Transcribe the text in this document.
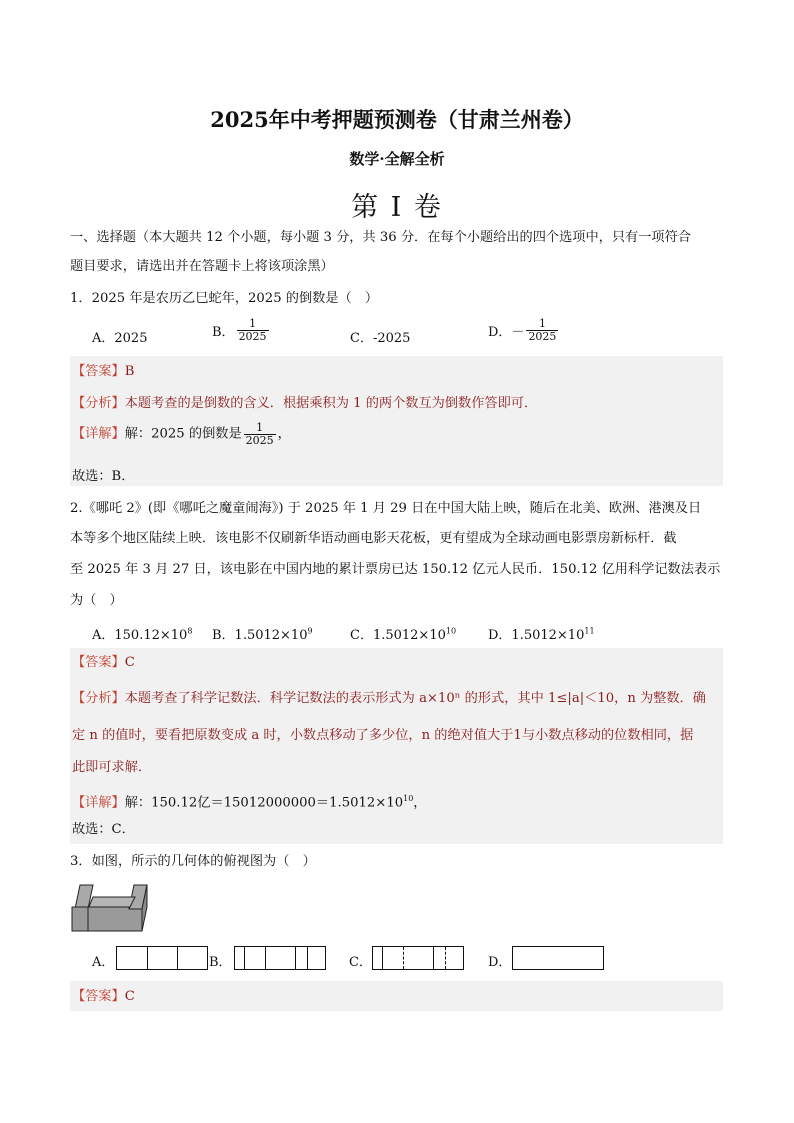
2025年中考押题预测卷（甘肃兰州卷）
数学·全解全析
第 I 卷
一、选择题（本大题共 12 个小题，每小题 3 分，共 36 分．在每个小题给出的四个选项中，只有一项符合
题目要求，请选出并在答题卡上将该项涂黑）
1．2025 年是农历乙巳蛇年，2025 的倒数是（　）
A．2025	B． $\frac{1}{2025}$	C．-2025	D．－ $\frac{1}{2025}$
【答案】B
【分析】本题考查的是倒数的含义．根据乘积为 1 的两个数互为倒数作答即可．
【详解】解：2025 的倒数是 $\frac{1}{2025}$ ，
故选：B．
2.《哪吒 2》(即《哪吒之魔童闹海》) 于 2025 年 1 月 29 日在中国大陆上映，随后在北美、欧洲、港澳及日
本等多个地区陆续上映．该电影不仅刷新华语动画电影天花板，更有望成为全球动画电影票房新标杆．截
至 2025 年 3 月 27 日，该电影在中国内地的累计票房已达 150.12 亿元人民币．150.12 亿用科学记数法表示
为（　）
A．$150.12\times 10^8$ B．$1.5012\times 10^9$	C．$1.5012\times 10^{10}$ D．$1.5012\times 10^{11}$
【答案】C
【分析】本题考查了科学记数法．科学记数法的表示形式为 a×10ⁿ 的形式，其中 1≤|a|＜10，n 为整数．确
定 n 的值时，要看把原数变成 a 时，小数点移动了多少位，n 的绝对值大于1与小数点移动的位数相同，据
此即可求解．
【详解】解：150.12亿$=15012000000=1.5012\times 10^{10}$，
故选：C．
3．如图，所示的几何体的俯视图为（　）
A．	B．	C．	D．
【答案】C
